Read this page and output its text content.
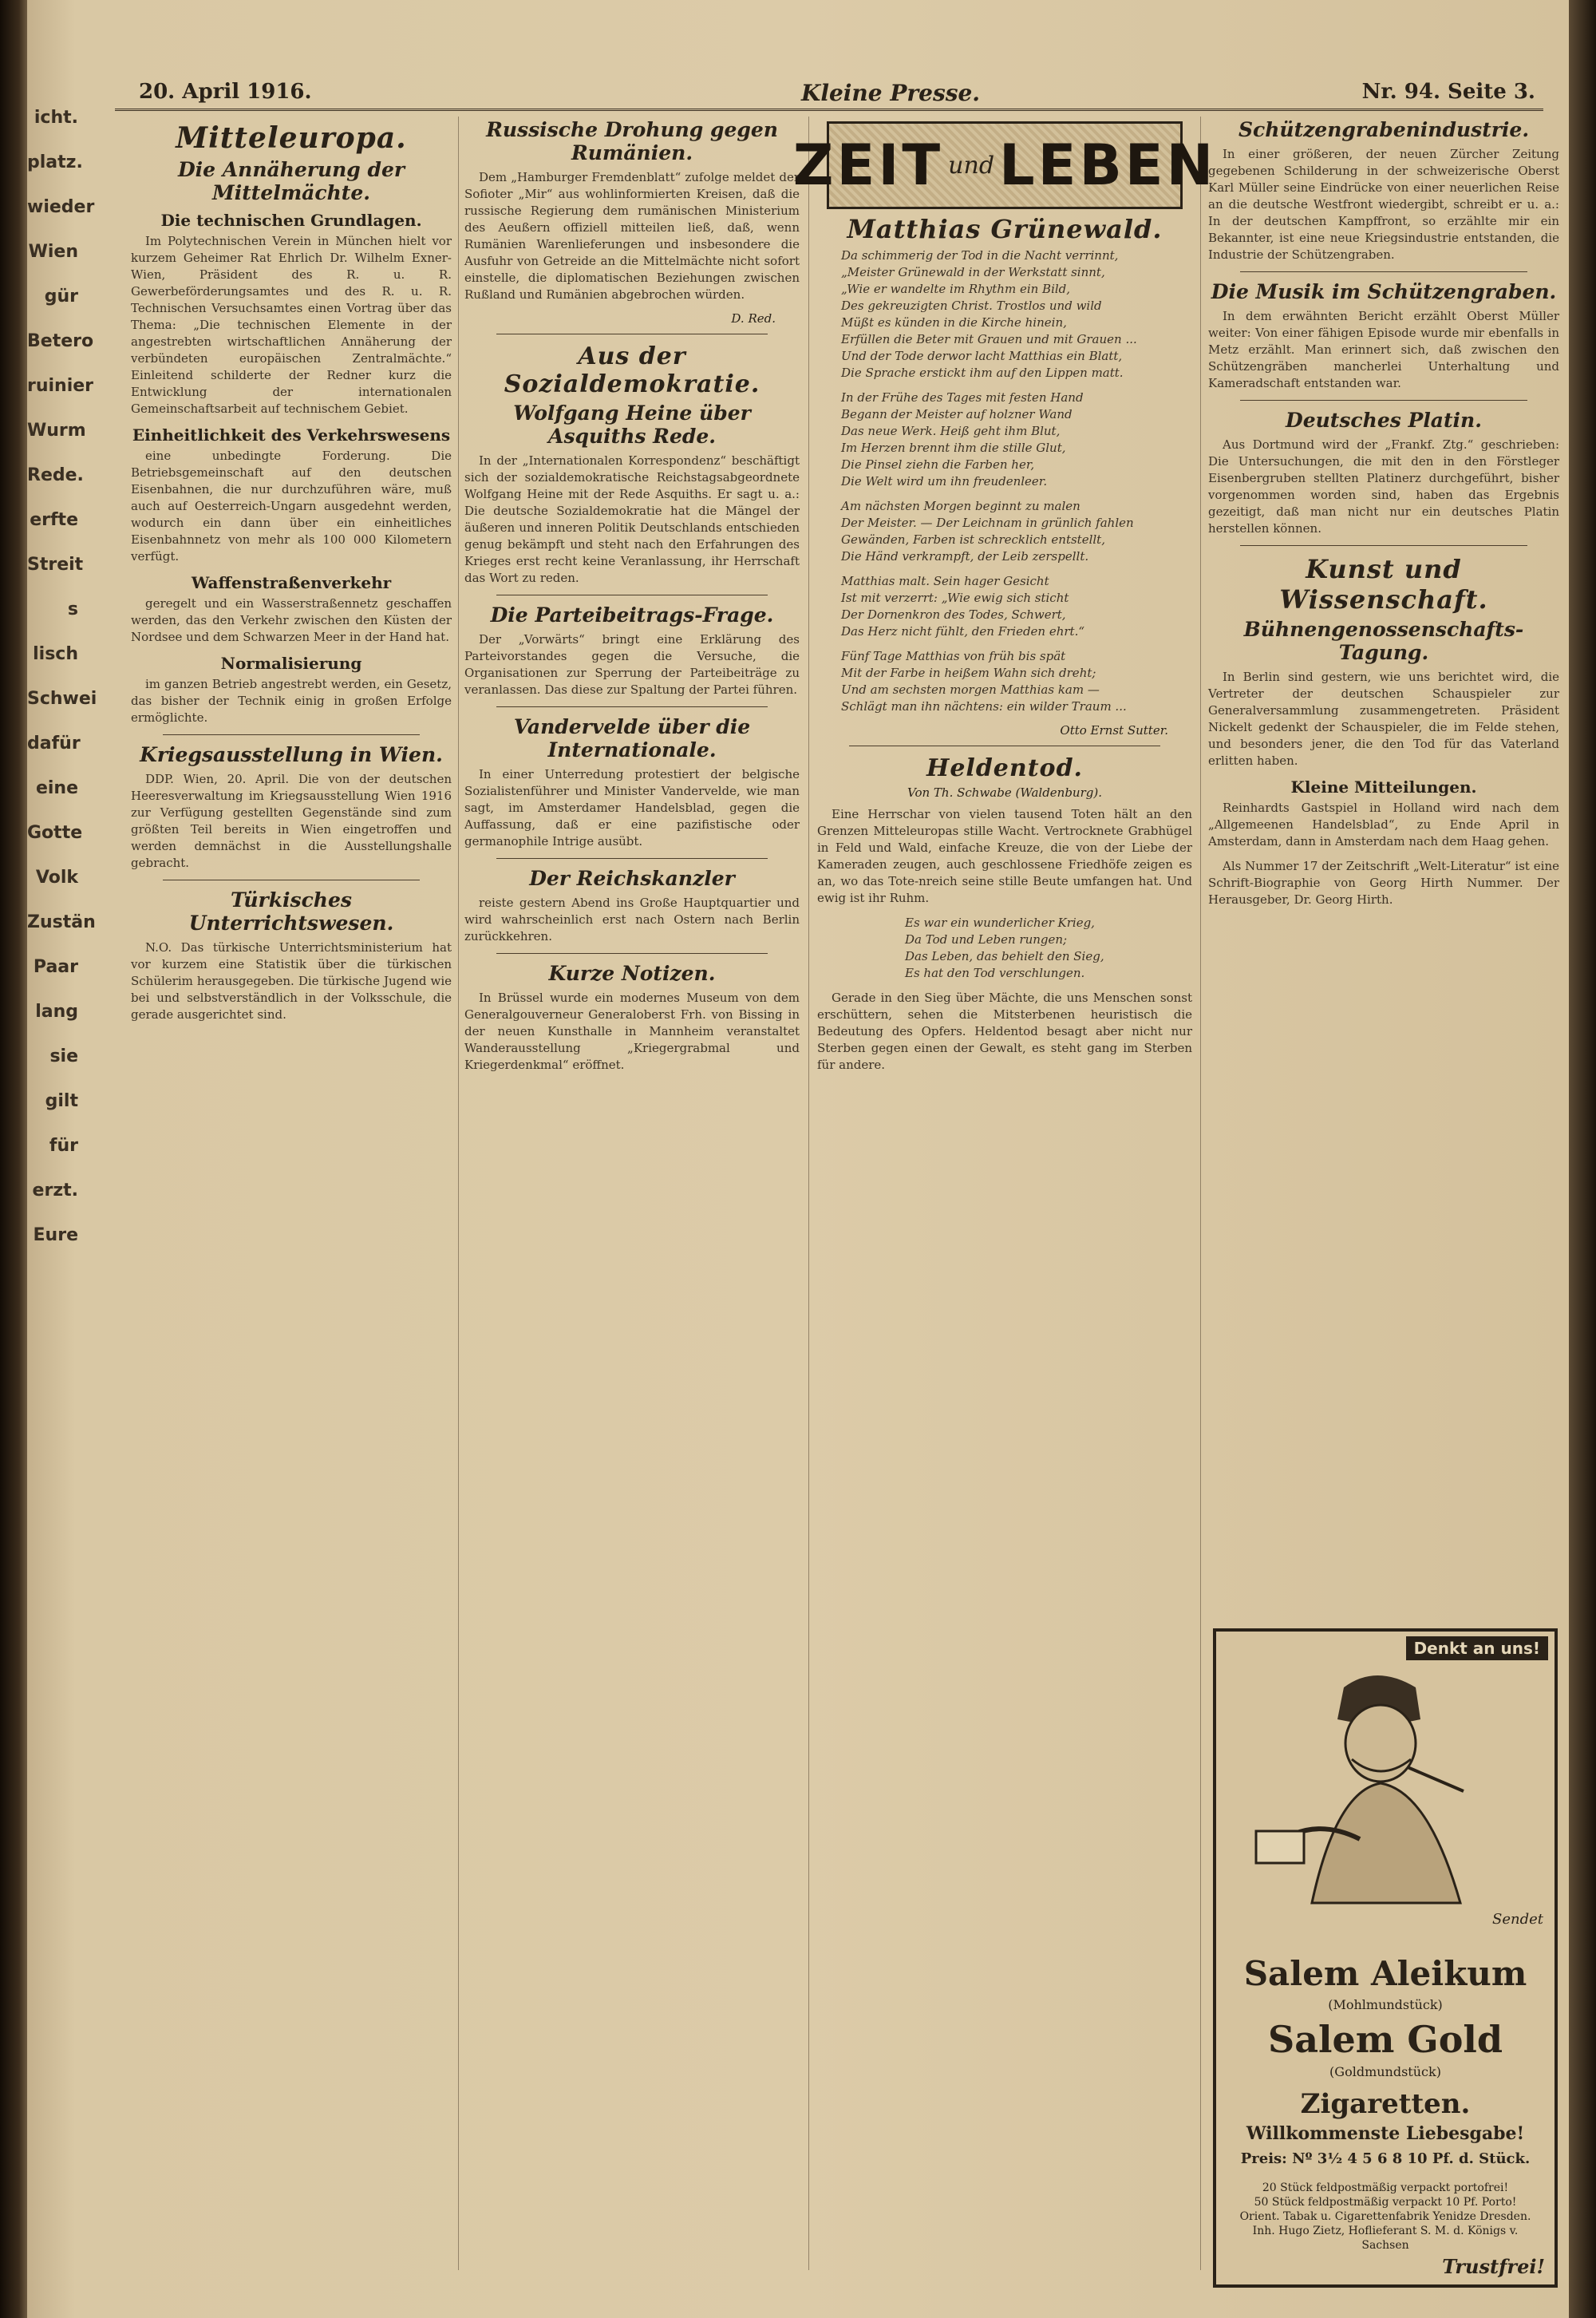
icht.
platz.
wieder
Wien
gür
Betero
ruinier
Wurm
Rede.
erfte
Streit
s
lisch
Schwei
dafür
eine
Gotte
Volk
Zustän
Paar
lang
sie
gilt
für
erzt.
Eure
20. April 1916.	Kleine Presse.	Nr. 94. Seite 3.
Mitteleuropa.
Die Annäherung der Mittelmächte.
Die technischen Grundlagen.

Im Polytechnischen Verein in München hielt vor kurzem Geheimer Rat Ehrlich Dr. Wilhelm Exner-Wien, Präsident des R. u. R. Gewerbeförderungsamtes und des R. u. R. Technischen Versuchsamtes einen Vortrag über das Thema: „Die technischen Elemente in der angestrebten wirtschaftlichen Annäherung der verbündeten europäischen Zentralmächte.“ Einleitend schilderte der Redner kurz die Entwicklung der internationalen Gemeinschaftsarbeit auf technischem Gebiet.

Einheitlichkeit des Verkehrswesens

eine unbedingte Forderung. Die Betriebsgemeinschaft auf den deutschen Eisenbahnen, die nur durchzuführen wäre, muß auch auf Oesterreich-Ungarn ausgedehnt werden, wodurch ein dann über ein einheitliches Eisenbahnnetz von mehr als 100 000 Kilometern verfügt.

Waffenstraßenverkehr

geregelt und ein Wasserstraßennetz geschaffen werden, das den Verkehr zwischen den Küsten der Nordsee und dem Schwarzen Meer in der Hand hat.

Normalisierung

im ganzen Betrieb angestrebt werden, ein Gesetz, das bisher der Technik einig in großen Erfolge ermöglichte.

Kriegsausstellung in Wien.

DDP. Wien, 20. April. Die von der deutschen Heeresverwaltung im Kriegsausstellung Wien 1916 zur Verfügung gestellten Gegenstände sind zum größten Teil bereits in Wien eingetroffen und werden demnächst in die Ausstellungshalle gebracht.

Türkisches Unterrichtswesen.

N.O. Das türkische Unterrichtsministerium hat vor kurzem eine Statistik über die türkischen Schülerim herausgegeben. Die türkische Jugend wie bei und selbstverständlich in der Volksschule, die gerade ausgerichtet sind.

Russische Drohung gegen Rumänien.

Dem „Hamburger Fremdenblatt“ zufolge meldet der Sofioter „Mir“ aus wohlinformierten Kreisen, daß die russische Regierung dem rumänischen Ministerium des Aeußern offiziell mitteilen ließ, daß, wenn Rumänien Warenlieferungen und insbesondere die Ausfuhr von Getreide an die Mittelmächte nicht sofort einstelle, die diplomatischen Beziehungen zwischen Rußland und Rumänien abgebrochen würden.

D. Red.
Aus der Sozialdemokratie.
Wolfgang Heine über Asquiths Rede.

In der „Internationalen Korrespondenz“ beschäftigt sich der sozialdemokratische Reichstagsabgeordnete Wolfgang Heine mit der Rede Asquiths. Er sagt u. a.: Die deutsche Sozialdemokratie hat die Mängel der äußeren und inneren Politik Deutschlands entschieden genug bekämpft und steht nach den Erfahrungen des Krieges erst recht keine Veranlassung, ihr Herrschaft das Wort zu reden.

Die Parteibeitrags-Frage.

Der „Vorwärts“ bringt eine Erklärung des Parteivorstandes gegen die Versuche, die Organisationen zur Sperrung der Parteibeiträge zu veranlassen. Das diese zur Spaltung der Partei führen.

Vandervelde über die Internationale.

In einer Unterredung protestiert der belgische Sozialistenführer und Minister Vandervelde, wie man sagt, im Amsterdamer Handelsblad, gegen die Auffassung, daß er eine pazifistische oder germanophile Intrige ausübt.

Der Reichskanzler

reiste gestern Abend ins Große Hauptquartier und wird wahrscheinlich erst nach Ostern nach Berlin zurückkehren.

Kurze Notizen.

In Brüssel wurde ein modernes Museum von dem Generalgouverneur Generaloberst Frh. von Bissing in der neuen Kunsthalle in Mannheim veranstaltet Wanderausstellung „Kriegergrabmal und Kriegerdenkmal“ eröffnet.

ZEIT und LEBEN
Matthias Grünewald.
Da schimmerig der Tod in die Nacht verrinnt,
„Meister Grünewald in der Werkstatt sinnt,
„Wie er wandelte im Rhythm ein Bild,
Des gekreuzigten Christ. Trostlos und wild
Müßt es künden in die Kirche hinein,
Erfüllen die Beter mit Grauen und mit Grauen ...
Und der Tode derwor lacht Matthias ein Blatt,
Die Sprache erstickt ihm auf den Lippen matt.
In der Frühe des Tages mit festen Hand
Begann der Meister auf holzner Wand
Das neue Werk. Heiß geht ihm Blut,
Im Herzen brennt ihm die stille Glut,
Die Pinsel ziehn die Farben her,
Die Welt wird um ihn freudenleer.
Am nächsten Morgen beginnt zu malen
Der Meister. — Der Leichnam in grünlich fahlen
Gewänden, Farben ist schrecklich entstellt,
Die Händ verkrampft, der Leib zerspellt.
Matthias malt. Sein hager Gesicht
Ist mit verzerrt: „Wie ewig sich sticht
Der Dornenkron des Todes, Schwert,
Das Herz nicht fühlt, den Frieden ehrt.“
Fünf Tage Matthias von früh bis spät
Mit der Farbe in heißem Wahn sich dreht;
Und am sechsten morgen Matthias kam —
Schlägt man ihn nächtens: ein wilder Traum ...
Otto Ernst Sutter.
Heldentod.
Von Th. Schwabe (Waldenburg).

Eine Herrschar von vielen tausend Toten hält an den Grenzen Mitteleuropas stille Wacht. Vertrocknete Grabhügel in Feld und Wald, einfache Kreuze, die von der Liebe der Kameraden zeugen, auch geschlossene Friedhöfe zeigen es an, wo das Tote-nreich seine stille Beute umfangen hat. Und ewig ist ihr Ruhm.

Es war ein wunderlicher Krieg,
Da Tod und Leben rungen;
Das Leben, das behielt den Sieg,
Es hat den Tod verschlungen.

Gerade in den Sieg über Mächte, die uns Menschen sonst erschüttern, sehen die Mitsterbenen heuristisch die Bedeutung des Opfers. Heldentod besagt aber nicht nur Sterben gegen einen der Gewalt, es steht gang im Sterben für andere.

Schützengrabenindustrie.

In einer größeren, der neuen Zürcher Zeitung gegebenen Schilderung in der schweizerische Oberst Karl Müller seine Eindrücke von einer neuerlichen Reise an die deutsche Westfront wiedergibt, schreibt er u. a.: In der deutschen Kampffront, so erzählte mir ein Bekannter, ist eine neue Kriegsindustrie entstanden, die Industrie der Schützengraben.

Die Musik im Schützengraben.

In dem erwähnten Bericht erzählt Oberst Müller weiter: Von einer fähigen Episode wurde mir ebenfalls in Metz erzählt. Man erinnert sich, daß zwischen den Schützengräben mancherlei Unterhaltung und Kameradschaft entstanden war.

Deutsches Platin.

Aus Dortmund wird der „Frankf. Ztg.“ geschrieben: Die Untersuchungen, die mit den in den Förstleger Eisenbergruben stellten Platinerz durchgeführt, bisher vorgenommen worden sind, haben das Ergebnis gezeitigt, daß man nicht nur ein deutsches Platin herstellen können.

Kunst und Wissenschaft.
Bühnengenossenschafts-Tagung.

In Berlin sind gestern, wie uns berichtet wird, die Vertreter der deutschen Schauspieler zur Generalversammlung zusammengetreten. Präsident Nickelt gedenkt der Schauspieler, die im Felde stehen, und besonders jener, die den Tod für das Vaterland erlitten haben.

Kleine Mitteilungen.

Reinhardts Gastspiel in Holland wird nach dem „Allgemeenen Handelsblad“, zu Ende April in Amsterdam, dann in Amsterdam nach dem Haag gehen.

Als Nummer 17 der Zeitschrift „Welt-Literatur“ ist eine Schrift-Biographie von Georg Hirth Nummer. Der Herausgeber, Dr. Georg Hirth.

Denkt an uns!
Sendet
Salem Aleikum
(Mohlmundstück)
Salem Gold
(Goldmundstück)
Zigaretten.
Willkommenste Liebesgabe!
Preis: Nº 3½ 4 5 6 8 10 Pf. d. Stück.
20 Stück feldpostmäßig verpackt portofrei!
50 Stück feldpostmäßig verpackt 10 Pf. Porto!
Orient. Tabak u. Cigarettenfabrik Yenidze Dresden. Inh. Hugo Zietz, Hoflieferant S. M. d. Königs v. Sachsen
Trustfrei!
